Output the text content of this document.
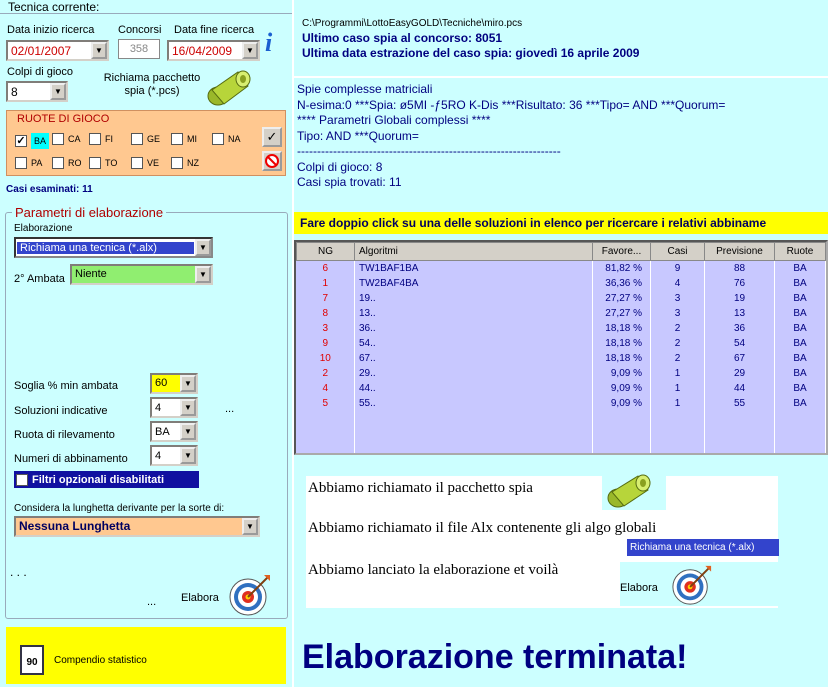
Tecnica corrente:
Data inizio ricerca
02/01/2007	▼
Concorsi
358
Data fine ricerca
16/04/2009	▼ i
Colpi di gioco
8	▼
Richiama pacchetto spia (*.pcs)
RUOTE DI GIOCO
✓ BA	CA	FI	GE	MI	NA
PA	RO	TO	VE	NZ
✓
Casi esaminati: 11
Parametri di elaborazione
Elaborazione
Richiama una tecnica (*.alx)	▼
2° Ambata Niente	▼
Soglia % min ambata	60	▼
Soluzioni indicative	4	▼	...
Ruota di rilevamento	BA	▼
Numeri di abbinamento 4	▼
Filtri opzionali disabilitati
Considera la lunghetta derivante per la sorte di:
Nessuna Lunghetta	▼
. . .
... Elabora
90	Compendio statistico
C:\Programmi\LottoEasyGOLD\Tecniche\miro.pcs
Ultimo caso spia al concorso: 8051
Ultima data estrazione del caso spia: giovedì 16 aprile 2009
Spie complesse matriciali
N-esima:0 ***Spia: ø5MI -ƒ5RO K-Dis ***Risultato: 36 ***Tipo= AND ***Quorum=
**** Parametri Globali complessi ****
Tipo: AND ***Quorum=
------------------------------------------------------------------
Colpi di gioco: 8
Casi spia trovati: 11
Fare doppio click su una delle soluzioni in elenco per ricercare i relativi abbiname
NG	Algoritmi	Favore...	Casi	Previsione	Ruote
6	TW1BAF1BA	81,82 %	9	88	BA
1	TW2BAF4BA	36,36 %	4	76	BA
7	19..	27,27 %	3	19	BA
8	13..	27,27 %	3	13	BA
3	36..	18,18 %	2	36	BA
9	54..	18,18 %	2	54	BA
10	67..	18,18 %	2	67	BA
2	29..	9,09 %	1	29	BA
4	44..	9,09 %	1	44	BA
5	55..	9,09 %	1	55	BA

Abbiamo richiamato il pacchetto spia
Abbiamo richiamato il file Alx contenente gli algo globali
Richiama una tecnica (*.alx)
Abbiamo lanciato la elaborazione et voilà
Elabora
Elaborazione terminata!
